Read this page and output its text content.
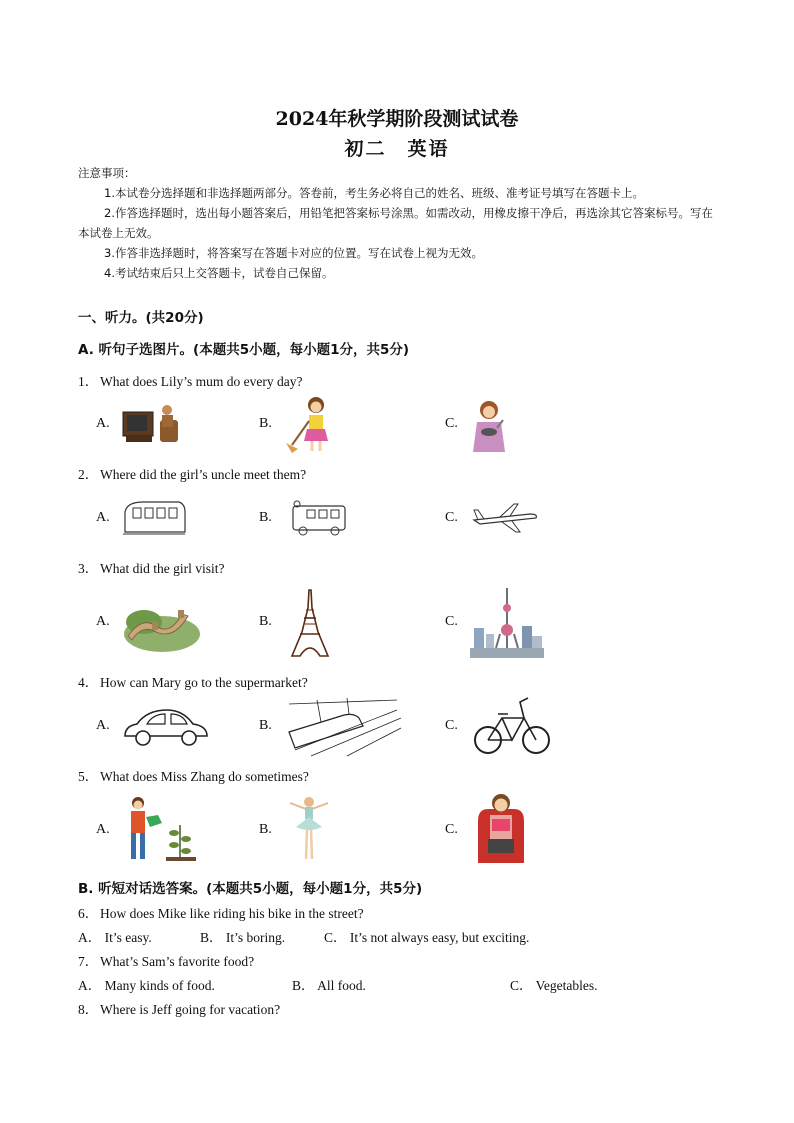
2024年秋学期阶段测试试卷
初二　英语
注意事项：
1.本试卷分选择题和非选择题两部分。答卷前，考生务必将自己的姓名、班级、准考证号填写在答题卡上。
2.作答选择题时，选出每小题答案后，用铅笔把答案标号涂黑。如需改动，用橡皮擦干净后，再选涂其它答案标号。写在本试卷上无效。
3.作答非选择题时，将答案写在答题卡对应的位置。写在试卷上视为无效。
4.考试结束后只上交答题卡，试卷自己保留。
一、听力。(共20分)
A. 听句子选图片。(本题共5小题，每小题1分，共5分)
1． What does Lily’s mum do every day?
A.	B.	C.
2． Where did the girl’s uncle meet them?
A.	B.	C.
3． What did the girl visit?
A.	B.	C.
4． How can Mary go to the supermarket?
A.	B.	C.
5． What does Miss Zhang do sometimes?
A.	B.	C.
B. 听短对话选答案。(本题共5小题，每小题1分，共5分)
6． How does Mike like riding his bike in the street?
A． It’s easy.	B． It’s boring.	C． It’s not always easy, but exciting.
7． What’s Sam’s favorite food?
A． Many kinds of food.	B． All food.	C． Vegetables.
8． Where is Jeff going for vacation?
